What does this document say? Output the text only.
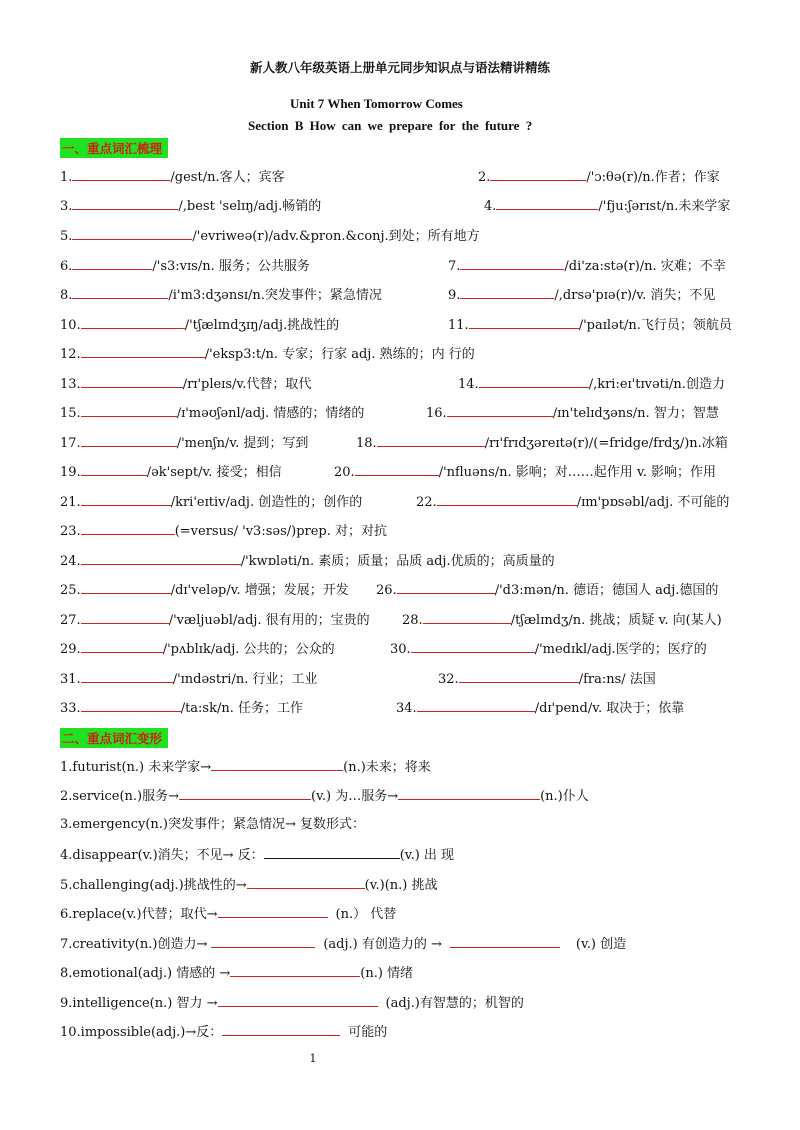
新人教八年级英语上册单元同步知识点与语法精讲精练
Unit 7 When Tomorrow Comes
Section B How can we prepare for the future ?
一、重点词汇梳理
1.	/gest/n.客人；宾客	2.	/'ɔ:θə(r)/n.作者；作家
3.	/,best 'selɪŋ/adj.畅销的	4.	/'fju:ʃərɪst/n.未来学家
5.	/'evriweə(r)/adv.&pron.&conj.到处；所有地方
6.	/'s3:vɪs/n. 服务；公共服务	7.	/di'za:stə(r)/n. 灾难；不幸
8.	/i'm3:dʒənsɪ/n.突发事件；紧急情况	9.	/,drsə'pɪə(r)/v. 消失；不见
10.	/'tʃælɪndʒɪŋ/adj.挑战性的	11.	/'paɪlət/n.飞行员；领航员
12.	/'eksp3:t/n. 专家；行家 adj. 熟练的；内 行的
13.	/rɪ'pleɪs/v.代替；取代	14.	/,kri:eɪ'tɪvəti/n.创造力
15.	/ɪ'məʊʃənl/adj. 情感的；情绪的	16.	/ɪn'telɪdʒəns/n. 智力；智慧
17.	/'menʃn/v. 提到；写到	18.	/rɪ'frɪdʒəreɪtə(r)/(=fridge/frdʒ/)n.冰箱
19.	/ək'sept/v. 接受；相信	20.	/'nfluəns/n. 影响；对……起作用 v. 影响；作用
21.	/kri'eɪtiv/adj. 创造性的；创作的	22.	/ɪm'pɒsəbl/adj. 不可能的
23.	(=versus/ 'v3:səs/)prep. 对；对抗
24.	/'kwɒləti/n. 素质；质量；品质 adj.优质的；高质量的
25.	/dɪ'veləp/v. 增强；发展；开发 26.	/'d3:mən/n. 德语；德国人 adj.德国的
27.	/'væljuəbl/adj. 很有用的；宝贵的 28.	/tʃælɪndʒ/n. 挑战；质疑 v. 向(某人)
29.	/'pʌblɪk/adj. 公共的；公众的	30.	/'medɪkl/adj.医学的；医疗的
31.	/'ɪndəstri/n. 行业；工业	32.	/fra:ns/ 法国
33.	/ta:sk/n. 任务；工作	34.	/dɪ'pend/v. 取决于；依靠
二、重点词汇变形
1.futurist(n.) 未来学家→	(n.)未来；将来
2.service(n.)服务→	(v.) 为…服务→	(n.)仆人
3.emergency(n.)突发事件；紧急情况→ 复数形式：
4.disappear(v.)消失；不见→ 反：	(v.) 出 现
5.challenging(adj.)挑战性的→	(v.)(n.) 挑战
6.replace(v.)代替；取代→	(n.） 代替
7.creativity(n.)创造力→	(adj.) 有创造力的 →	(v.) 创造
8.emotional(adj.) 情感的 →	(n.) 情绪
9.intelligence(n.) 智力 →	(adj.)有智慧的；机智的
10.impossible(adj.)→反：	可能的
1
